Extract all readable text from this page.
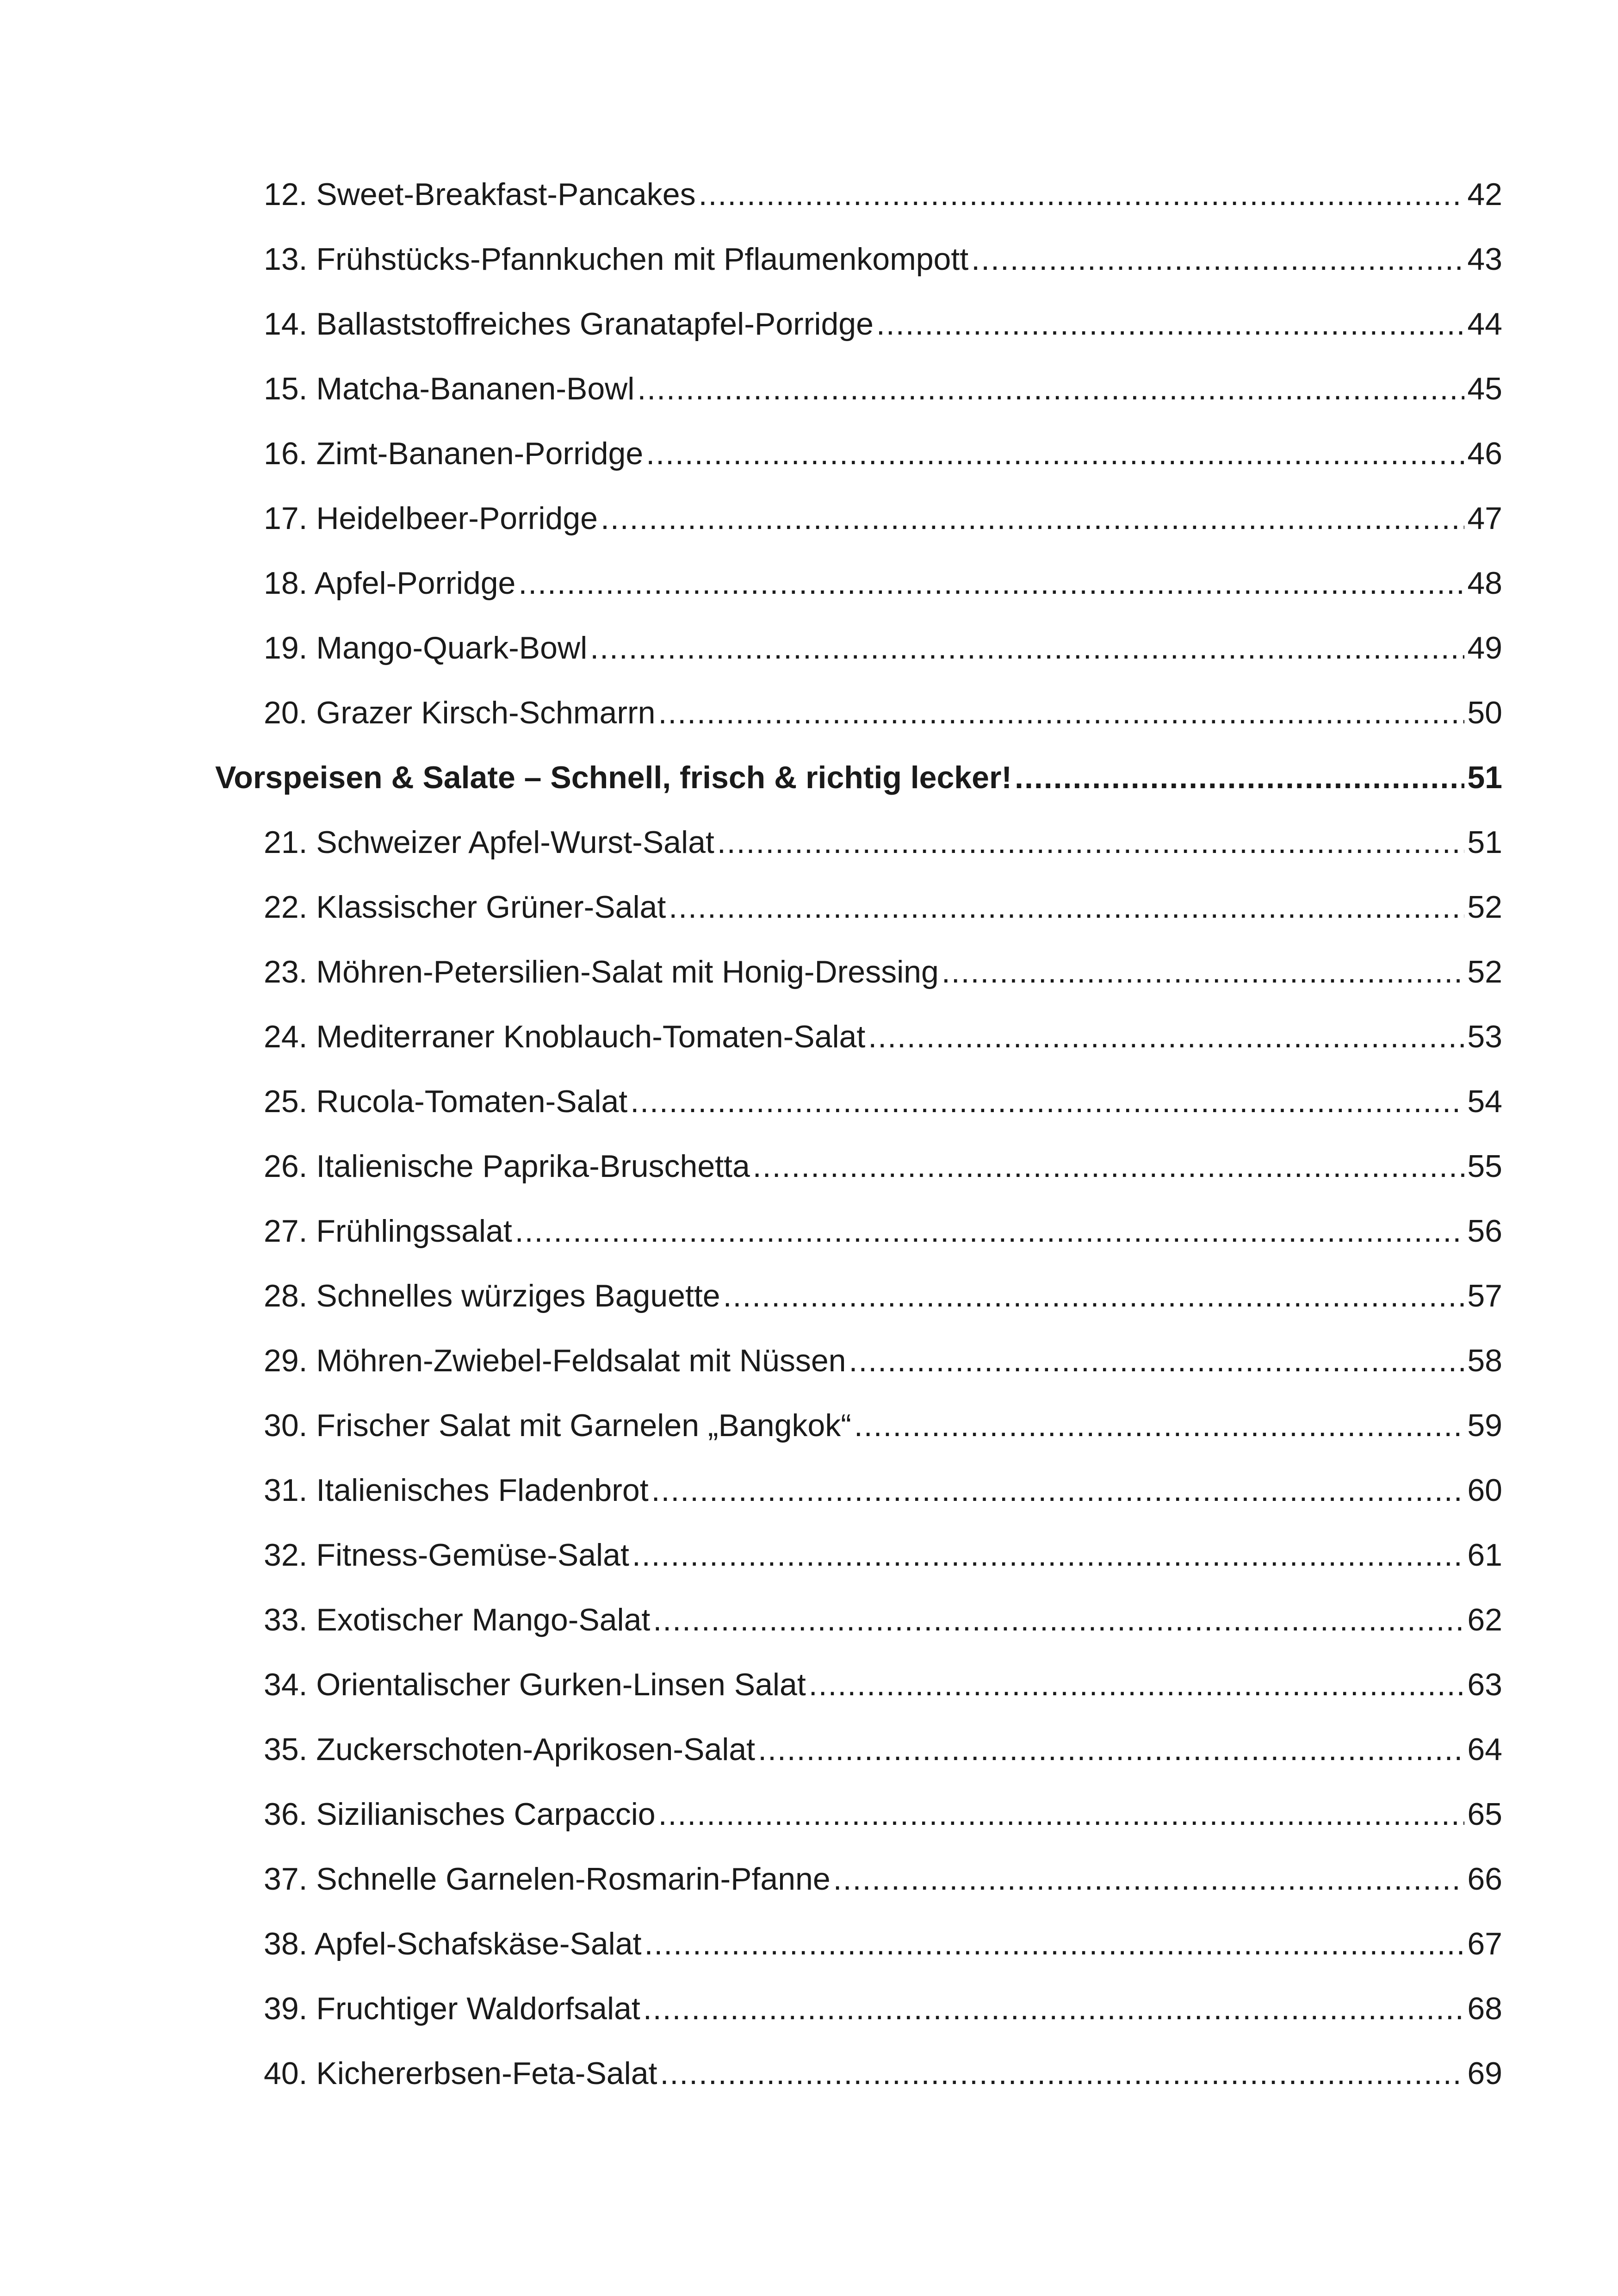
12. Sweet-Breakfast-Pancakes .....	42
13. Frühstücks-Pfannkuchen mit Pflaumenkompott .....	43
14. Ballaststoffreiches Granatapfel-Porridge .....	44
15. Matcha-Bananen-Bowl .....	45
16. Zimt-Bananen-Porridge .....	46
17. Heidelbeer-Porridge .....	47
18. Apfel-Porridge .....	48
19. Mango-Quark-Bowl .....	49
20. Grazer Kirsch-Schmarrn .....	50
Vorspeisen & Salate – Schnell, frisch & richtig lecker! .....	51
21. Schweizer Apfel-Wurst-Salat .....	51
22. Klassischer Grüner-Salat .....	52
23. Möhren-Petersilien-Salat mit Honig-Dressing .....	52
24. Mediterraner Knoblauch-Tomaten-Salat .....	53
25. Rucola-Tomaten-Salat .....	54
26. Italienische Paprika-Bruschetta .....	55
27. Frühlingssalat .....	56
28. Schnelles würziges Baguette .....	57
29. Möhren-Zwiebel-Feldsalat mit Nüssen .....	58
30. Frischer Salat mit Garnelen „Bangkok“ .....	59
31. Italienisches Fladenbrot .....	60
32. Fitness-Gemüse-Salat .....	61
33. Exotischer Mango-Salat .....	62
34. Orientalischer Gurken-Linsen Salat .....	63
35. Zuckerschoten-Aprikosen-Salat .....	64
36. Sizilianisches Carpaccio .....	65
37. Schnelle Garnelen-Rosmarin-Pfanne .....	66
38. Apfel-Schafskäse-Salat .....	67
39. Fruchtiger Waldorfsalat .....	68
40. Kichererbsen-Feta-Salat .....	69
